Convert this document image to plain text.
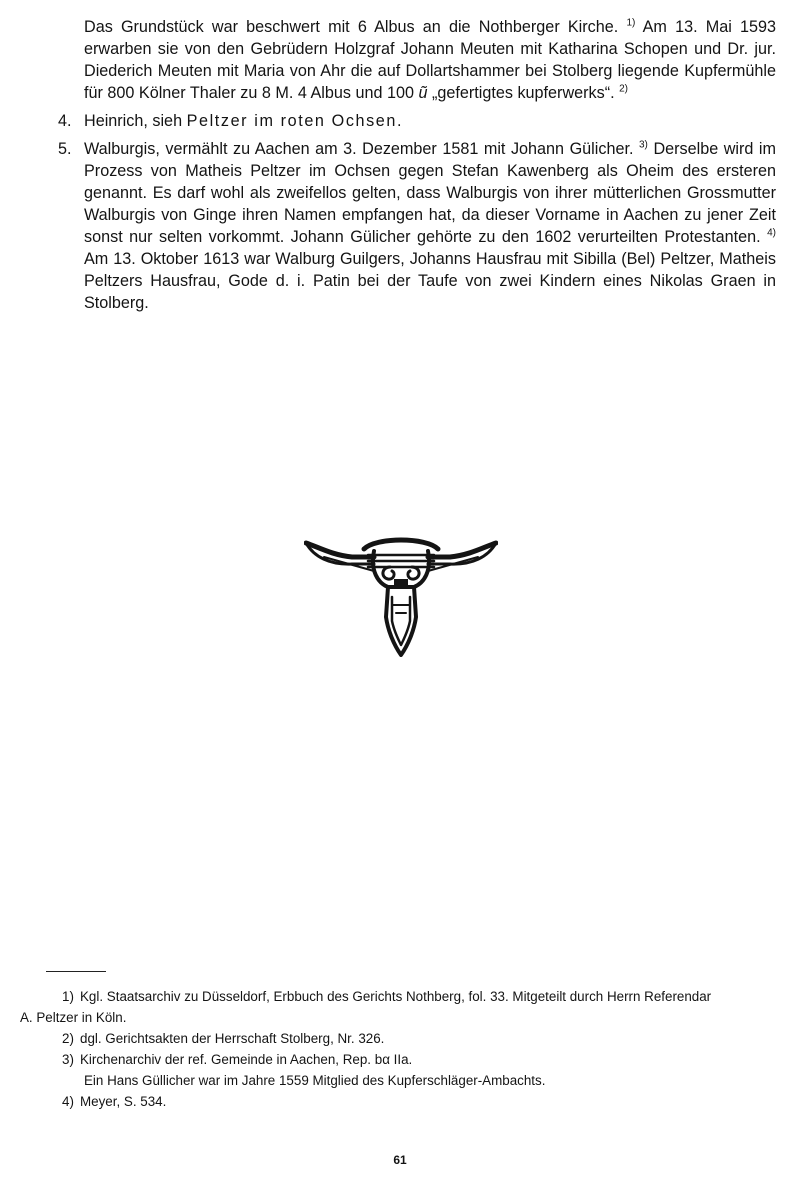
Das Grundstück war beschwert mit 6 Albus an die Nothberger Kirche. $^{1)}$ Am 13. Mai 1593 erwarben sie von den Gebrüdern Holzgraf Johann Meuten mit Katharina Schopen und Dr. jur. Diederich Meuten mit Maria von Ahr die auf Dollartshammer bei Stolberg liegende Kupfermühle für 800 Kölner Thaler zu 8 M. 4 Albus und 100 ũ „gefertigtes kupferwerks“. $^{2)}$
4. Heinrich, sieh Peltzer im roten Ochsen.
5. Walburgis, vermählt zu Aachen am 3. Dezember 1581 mit Johann Gülicher. $^{3)}$ Derselbe wird im Prozess von Matheis Peltzer im Ochsen gegen Stefan Kawenberg als Oheim des ersteren genannt. Es darf wohl als zweifellos gelten, dass Walburgis von ihrer mütterlichen Grossmutter Walburgis von Ginge ihren Namen empfangen hat, da dieser Vorname in Aachen zu jener Zeit sonst nur selten vorkommt. Johann Gülicher gehörte zu den 1602 verurteilten Protestanten. $^{4)}$ Am 13. Oktober 1613 war Walburg Guilgers, Johanns Hausfrau mit Sibilla (Bel) Peltzer, Matheis Peltzers Hausfrau, Gode d. i. Patin bei der Taufe von zwei Kindern eines Nikolas Graen in Stolberg.
1) Kgl. Staatsarchiv zu Düsseldorf, Erbbuch des Gerichts Nothberg, fol. 33. Mitgeteilt durch Herrn Referendar
A. Peltzer in Köln.
2) dgl. Gerichtsakten der Herrschaft Stolberg, Nr. 326.
3) Kirchenarchiv der ref. Gemeinde in Aachen, Rep. bα IIa.
Ein Hans Güllicher war im Jahre 1559 Mitglied des Kupferschläger-Ambachts.
4) Meyer, S. 534.
61
